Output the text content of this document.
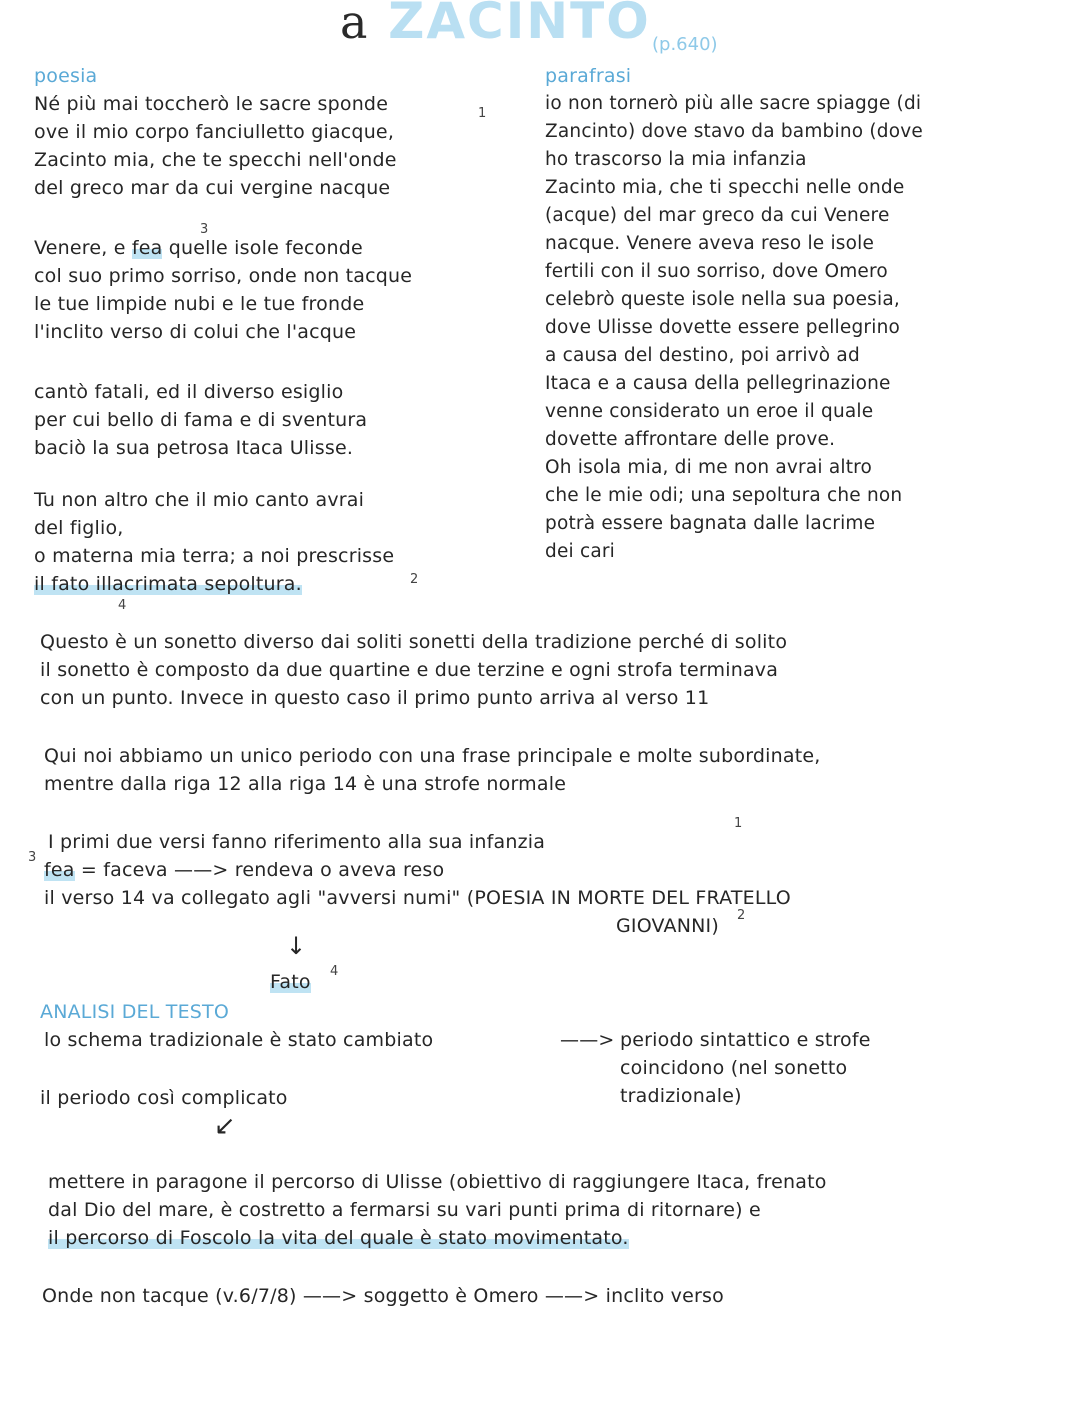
a ZACINTO (p.640)
poesia
Né più mai toccherò le sacre sponde
ove il mio corpo fanciulletto giacque,
Zacinto mia, che te specchi nell'onde
del greco mar da cui vergine nacque
1
3
Venere, e fea quelle isole feconde
col suo primo sorriso, onde non tacque
le tue limpide nubi e le tue fronde
l'inclito verso di colui che l'acque
cantò fatali, ed il diverso esiglio
per cui bello di fama e di sventura
baciò la sua petrosa Itaca Ulisse.
Tu non altro che il mio canto avrai
del figlio,
o materna mia terra; a noi prescrisse
il fato illacrimata sepoltura.	2
4
parafrasi
io non tornerò più alle sacre spiagge (di
Zancinto) dove stavo da bambino (dove
ho trascorso la mia infanzia
Zacinto mia, che ti specchi nelle onde
(acque) del mar greco da cui Venere
nacque. Venere aveva reso le isole
fertili con il suo sorriso, dove Omero
celebrò queste isole nella sua poesia,
dove Ulisse dovette essere pellegrino
a causa del destino, poi arrivò ad
Itaca e a causa della pellegrinazione
venne considerato un eroe il quale
dovette affrontare delle prove.
Oh isola mia, di me non avrai altro
che le mie odi; una sepoltura che non
potrà essere bagnata dalle lacrime
dei cari
Questo è un sonetto diverso dai soliti sonetti della tradizione perché di solito
il sonetto è composto da due quartine e due terzine e ogni strofa terminava
con un punto. Invece in questo caso il primo punto arriva al verso 11
Qui noi abbiamo un unico periodo con una frase principale e molte subordinate,
mentre dalla riga 12 alla riga 14 è una strofe normale
I primi due versi fanno riferimento alla sua infanzia
1
3
fea = faceva ——> rendeva o aveva reso
il verso 14 va collegato agli "avversi numi" (POESIA IN MORTE DEL FRATELLO
GIOVANNI) 2
↓
Fato 4
ANALISI DEL TESTO
lo schema tradizionale è stato cambiato	——> periodo sintattico e strofe
coincidono (nel sonetto
tradizionale)
il periodo così complicato
↙
mettere in paragone il percorso di Ulisse (obiettivo di raggiungere Itaca, frenato
dal Dio del mare, è costretto a fermarsi su vari punti prima di ritornare) e
il percorso di Foscolo la vita del quale è stato movimentato.
Onde non tacque (v.6/7/8) ——> soggetto è Omero ——> inclito verso
